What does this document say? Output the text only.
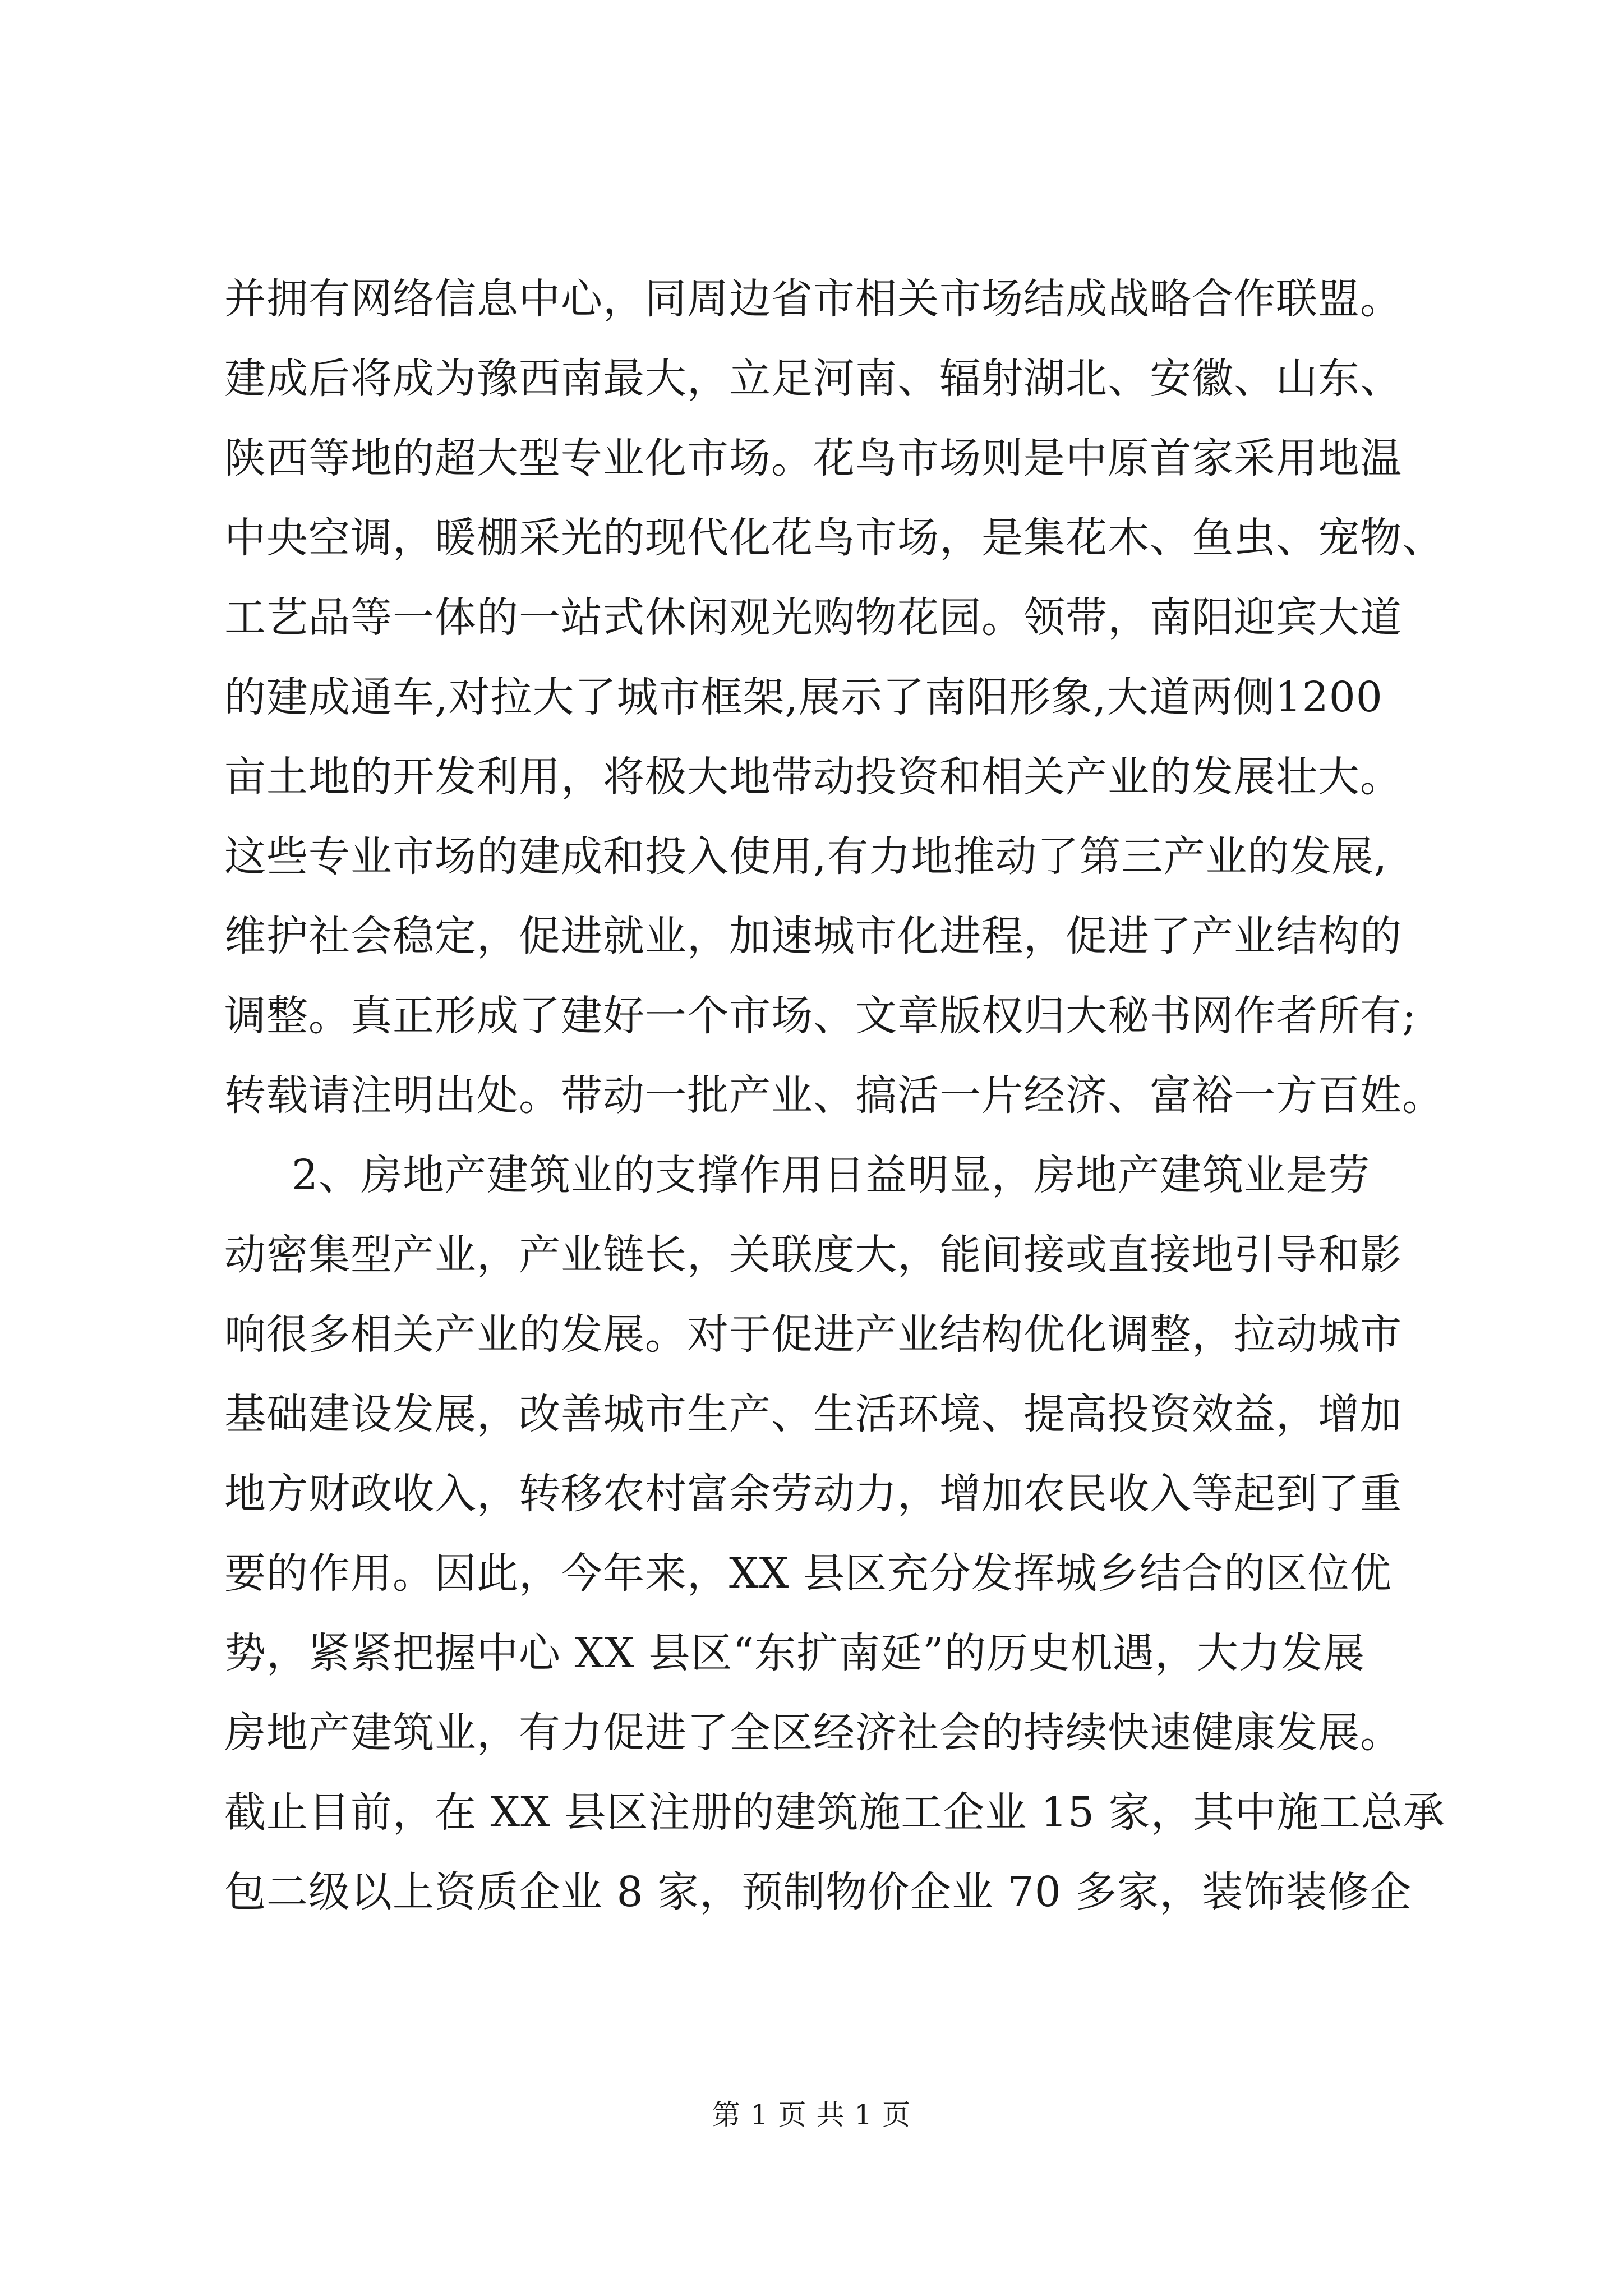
并拥有网络信息中心，同周边省市相关市场结成战略合作联盟。
建成后将成为豫西南最大，立足河南、辐射湖北、安徽、山东、
陕西等地的超大型专业化市场。花鸟市场则是中原首家采用地温
中央空调，暖棚采光的现代化花鸟市场，是集花木、鱼虫、宠物、
工艺品等一体的一站式休闲观光购物花园。领带，南阳迎宾大道
的建成通车,对拉大了城市框架,展示了南阳形象,大道两侧1200
亩土地的开发利用，将极大地带动投资和相关产业的发展壮大。
这些专业市场的建成和投入使用,有力地推动了第三产业的发展,
维护社会稳定，促进就业，加速城市化进程，促进了产业结构的
调整。真正形成了建好一个市场、文章版权归大秘书网作者所有;
转载请注明出处。带动一批产业、搞活一片经济、富裕一方百姓。
2、房地产建筑业的支撑作用日益明显，房地产建筑业是劳
动密集型产业，产业链长，关联度大，能间接或直接地引导和影
响很多相关产业的发展。对于促进产业结构优化调整，拉动城市
基础建设发展，改善城市生产、生活环境、提高投资效益，增加
地方财政收入，转移农村富余劳动力，增加农民收入等起到了重
要的作用。因此，今年来，XX 县区充分发挥城乡结合的区位优
势，紧紧把握中心 XX 县区“东扩南延”的历史机遇，大力发展
房地产建筑业，有力促进了全区经济社会的持续快速健康发展。
截止目前，在 XX 县区注册的建筑施工企业 15 家，其中施工总承
包二级以上资质企业 8 家，预制物价企业 70 多家，装饰装修企
第 1 页 共 1 页
